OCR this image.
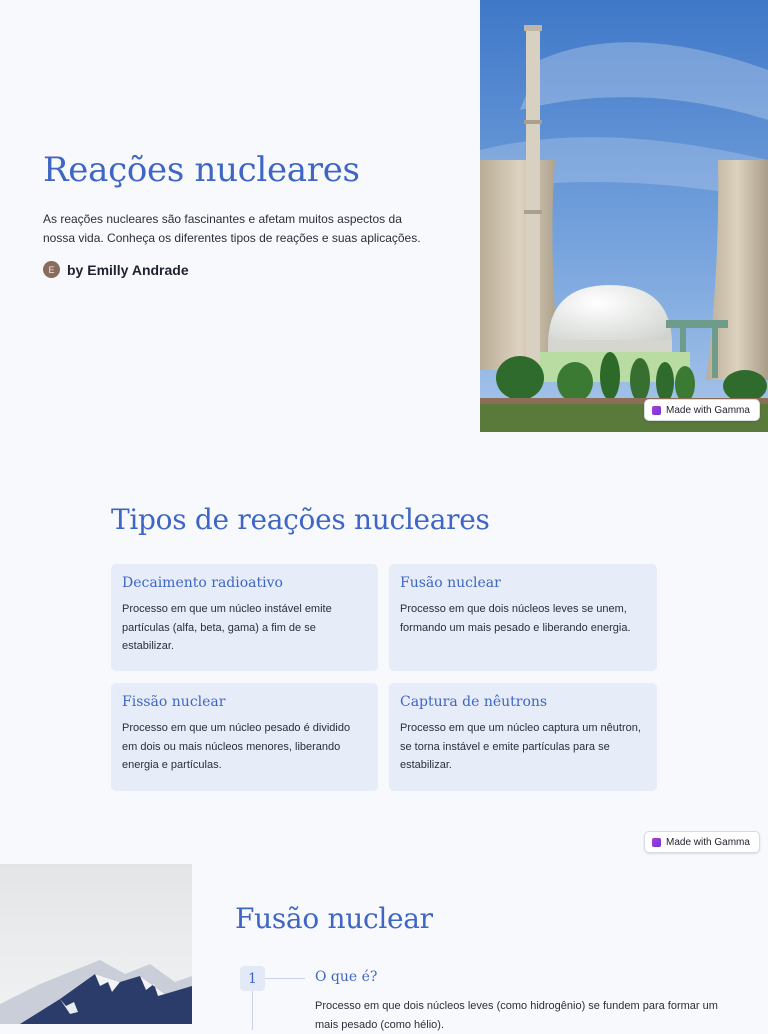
Reações nucleares

As reações nucleares são fascinantes e afetam muitos aspectos da nossa vida. Conheça os diferentes tipos de reações e suas aplicações.

E by Emilly Andrade
Made with Gamma
Tipos de reações nucleares
Decaimento radioativo

Processo em que um núcleo instável emite partículas (alfa, beta, gama) a fim de se estabilizar.

Fusão nuclear

Processo em que dois núcleos leves se unem, formando um mais pesado e liberando energia.

Fissão nuclear

Processo em que um núcleo pesado é dividido em dois ou mais núcleos menores, liberando energia e partículas.

Captura de nêutrons

Processo em que um núcleo captura um nêutron, se torna instável e emite partículas para se estabilizar.

Made with Gamma
Fusão nuclear
1	O que é?

Processo em que dois núcleos leves (como hidrogênio) se fundem para formar um mais pesado (como hélio).
